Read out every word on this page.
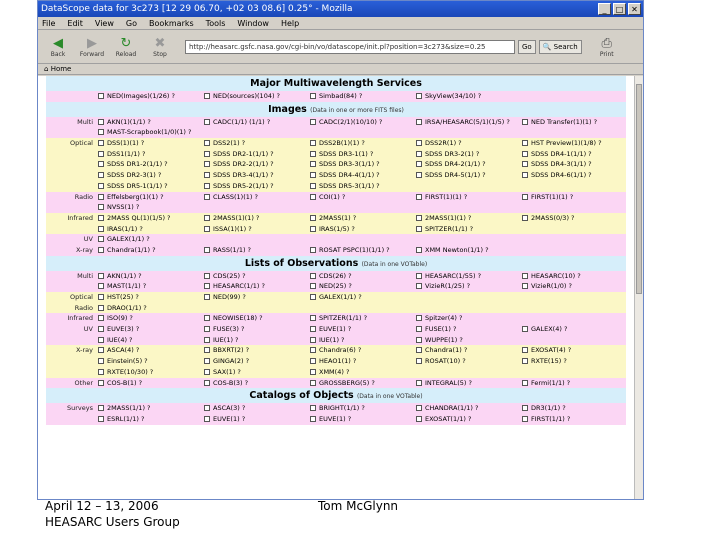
DataScope data for 3c273 [12 29 06.70, +02 03 08.6] 0.25° - Mozilla	_	□ ✕
File Edit View Go Bookmarks Tools Window Help
◀
Back
▶
Forward
↻
Reload
✖
Stop
http://heasarc.gsfc.nasa.gov/cgi-bin/vo/datascope/init.pl?position=3c273&size=0.25	Go	🔍 Search	⎙
Print
⌂ Home
Major Multiwavelength Services
NED(Images)(1/26) ?	NED(sources)(104) ?	Simbad(84) ?	SkyView(34/10) ?
Images (Data in one or more FITS files)
Multi	AKN(1)(1/1) ?	CADC(1/1) (1/1) ?	CADC(2/1)(10/10) ?	IRSA/HEASARC(5/1)(1/5) ?	NED Transfer(1)(1) ?
MAST-Scrapbook(1/0)(1) ?
Optical	DSS(1)(1) ?	DSS2(1) ?	DSS2B(1)(1) ?	DSS2R(1) ?	HST Preview(1)(1/8) ?
DSS1(1/1) ?	SDSS DR2-1(1/1) ?	SDSS DR3-1(1) ?	SDSS DR3-2(1) ?	SDSS DR4-1(1/1) ?
SDSS DR1-2(1/1) ?	SDSS DR2-2(1/1) ?	SDSS DR3-3(1/1) ?	SDSS DR4-2(1/1) ?	SDSS DR4-3(1/1) ?
SDSS DR2-3(1) ?	SDSS DR3-4(1/1) ?	SDSS DR4-4(1/1) ?	SDSS DR4-5(1/1) ?	SDSS DR4-6(1/1) ?
SDSS DR5-1(1/1) ?	SDSS DR5-2(1/1) ?	SDSS DR5-3(1/1) ?
Radio	Effelsberg(1)(1) ?	CLASS(1)(1) ?	COI(1) ?	FIRST(1)(1) ?	FIRST(1)(1) ?
NVSS(1) ?
Infrared	2MASS QL(1)(1/5) ?	2MASS(1)(1) ?	2MASS(1) ?	2MASS(1)(1) ?	2MASS(0/3) ?
IRAS(1/1) ?	ISSA(1)(1) ?	IRAS(1/5) ?	SPITZER(1/1) ?
UV	GALEX(1/1) ?
X-ray	Chandra(1/1) ?	RASS(1/1) ?	ROSAT PSPC(1)(1/1) ?	XMM Newton(1/1) ?
Lists of Observations (Data in one VOTable)
Multi	AKN(1/1) ?	CDS(25) ?	CDS(26) ?	HEASARC(1/55) ?	HEASARC(10) ?
MAST(1/1) ?	HEASARC(1/1) ?	NED(25) ?	VizieR(1/25) ?	VizieR(1/0) ?
Optical	HST(25) ?	NED(99) ?	GALEX(1/1) ?
Radio	DRAO(1/1) ?
Infrared	ISO(9) ?	NEOWISE(18) ?	SPITZER(1/1) ?	Spitzer(4) ?
UV	EUVE(3) ?	FUSE(3) ?	EUVE(1) ?	FUSE(1) ?	GALEX(4) ?
IUE(4) ?	IUE(1) ?	IUE(1) ?	WUPPE(1) ?
X-ray	ASCA(4) ?	BBXRT(2) ?	Chandra(6) ?	Chandra(1) ?	EXOSAT(4) ?
Einstein(5) ?	GINGA(2) ?	HEAO1(1) ?	ROSAT(10) ?	RXTE(15) ?
RXTE(10/30) ?	SAX(1) ?	XMM(4) ?
Other	COS-B(1) ?	COS-B(3) ?	GROSSBERG(5) ?	INTEGRAL(5) ?	Fermi(1/1) ?
Catalogs of Objects (Data in one VOTable)
Surveys	2MASS(1/1) ?	ASCA(3) ?	BRIGHT(1/1) ?	CHANDRA(1/1) ?	DR3(1/1) ?
ESRL(1/1) ?	EUVE(1) ?	EUVE(1) ?	EXOSAT(1/1) ?	FIRST(1/1) ?
April 12 – 13, 2006
HEASARC Users Group
Tom McGlynn
